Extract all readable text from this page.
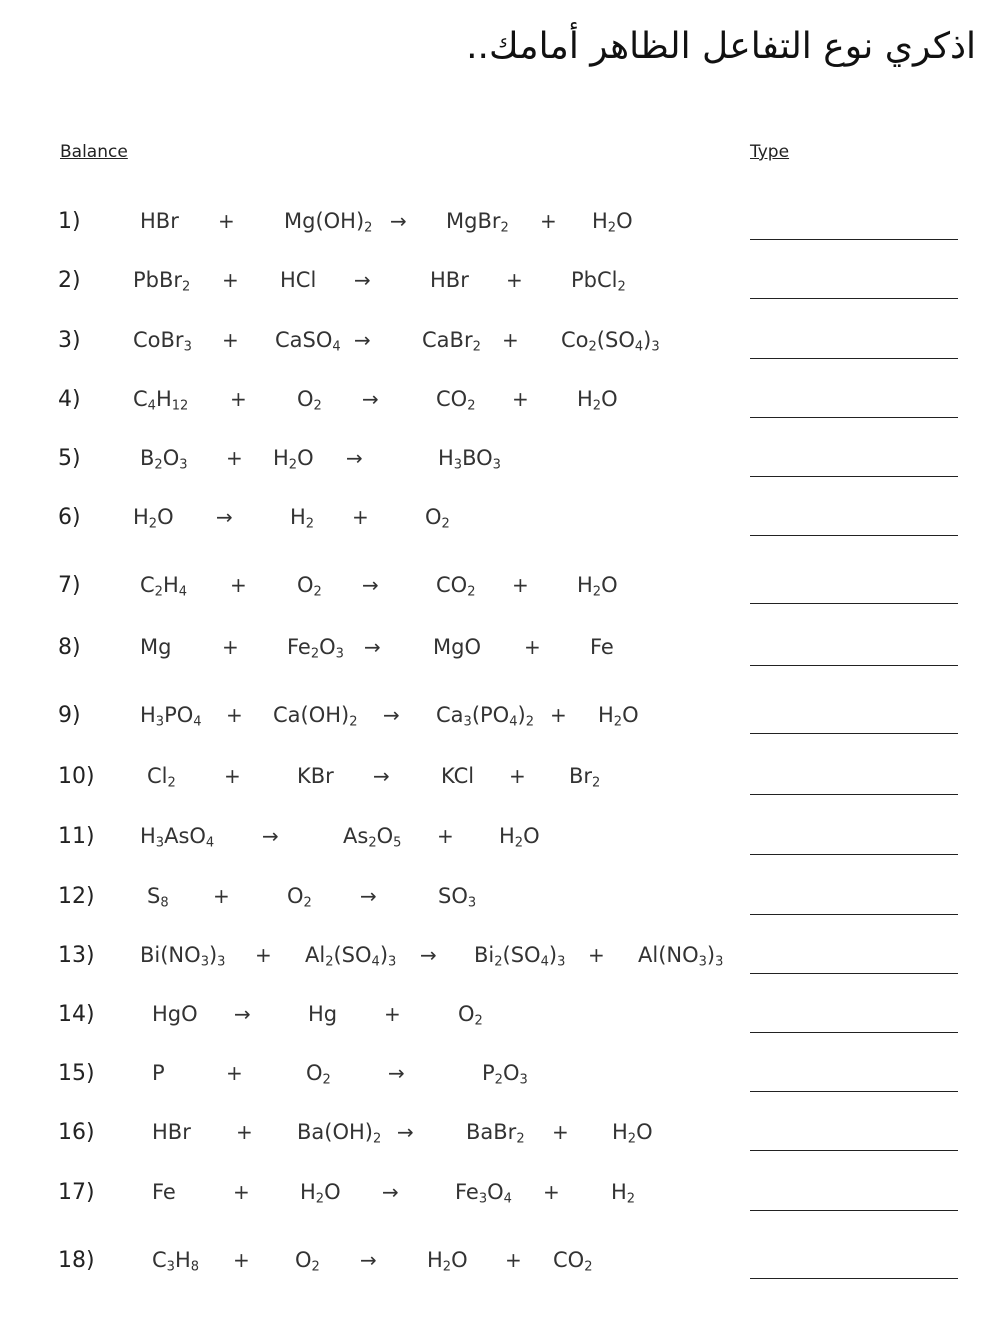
اذكري نوع التفاعل الظاهر أمامك..
Balance	Type
1)	HBr + $Mg(OH)_2$ → MgBr$_2$ + $H_2O$
2) PbBr$_2$ + HCl →	HBr + PbCl$_2$
3) CoBr$_3$ + CaSO$_4$ → CaBr$_2$ + $Co_2(SO_4)_3$
4) $C_4H_{12} + O_2$ →	$CO_2 + H_2O$
5)	$B_2O_3 + H_2O$ →	$H_3BO_3$
6) $H_2O$ →	$H_2$ +	$O_2$
7)	$C_2H_4 + O_2$ →	$CO_2 + H_2O$
8)	Mg	+ $Fe_2O_3$ → MgO + Fe
9)	$H_3PO_4 + Ca(OH)_2 \to Ca_3(PO_4)_2 + H_2O$
10) $Cl_2$ +	KBr → KCl + $Br_2$
11) $H_3AsO_4$ →	$As_2O_5 + H_2O$
12) $S_8$ +	$O_2$ →	$SO_3$
13) $Bi(NO_3)_3 + Al_2(SO_4)_3 \to Bi_2(SO_4)_3 + Al(NO_3)_3$
14)	HgO →	Hg +	$O_2$
15)	P	+	$O_2$	→	$P_2O_3$
16)	HBr + $Ba(OH)_2$ → BaBr$_2$ + $H_2O$
17)	Fe	+ $H_2O$ →	$Fe_3O_4 + H_2$
18)	$C_3H_8 + O_2 \to H_2O + CO_2$
